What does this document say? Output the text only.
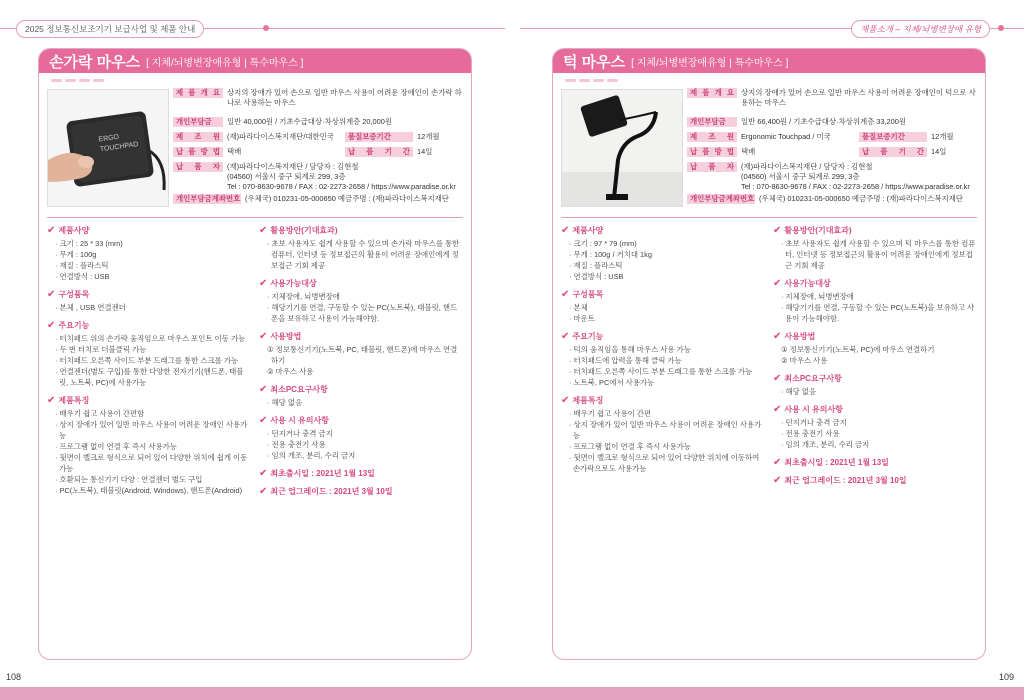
2025 정보통신보조기기 보급사업 및 제품 안내	제품소개 – 지체/뇌병변장애 유형
손가락 마우스 [ 지체/뇌병변장애유형 | 특수마우스 ]
ERGO
TOUCHPAD
제 품 개 요 상지의 장애가 있어 손으로 일반 마우스 사용이 어려운 장애인이 손가락 하나로 사용하는 마우스
개인부담금	일반 40,000원 / 기초수급대상·차상위계층 20,000원
제 조 원 (재)파라다이스복지재단/대한민국	품질보증기간	12개월
납 품 방 법 택배	납 품 기 간 14일
납 품 자 (재)파라다이스복지재단 / 담당자 : 김현철
(04560) 서울시 중구 퇴계로 299, 3층
Tel : 070-8630-9678 / FAX : 02-2273-2658 / https://www.paradise.or.kr
개인부담금계좌번호 (우체국) 010231-05-000650 예금주명 : (재)파라다이스복지재단
✔ 제품사양
· 크기 : 25 * 33 (mm)
· 무게 : 100g
· 재질 : 플라스틱
· 연결방식 : USB
✔ 구성품목
· 본체 , USB 연결젠더
✔ 주요기능
· 터치패드 위의 손가락 움직임으로 마우스 포인트 이동 가능
· 두 번 터치로 더블클릭 가능
· 터치패드 오른쪽 사이드 부분 드래그를 통한 스크롤 가능
· 연결젠더(별도 구입)를 통한 다양한 전자기기(핸드폰, 태블릿, 노트북, PC)에 사용가능
✔ 제품특징
· 배우기 쉽고 사용이 간편함
· 상지 장애가 있어 일반 마우스 사용이 어려운 장애인 사용가능
· 프로그램 없이 연결 후 즉시 사용가능
· 뒷면이 벨크로 형식으로 되어 있어 다양한 위치에 쉽게 이동가능
· 호환되는 통신기기 다양 : 연결젠더 별도 구입
· PC(노트북), 태블릿(Android, Windows), 핸드폰(Android)
✔ 활용방안(기대효과)
· 초보 사용자도 쉽게 사용할 수 있으며 손가락 마우스를 통한 컴퓨터, 인터넷 등 정보접근의 활용이 어려운 장애인에게 정보접근 기회 제공
✔ 사용가능대상
· 지체장애, 뇌병변장애
· 해당기기를 연결, 구동할 수 있는 PC(노트북), 태블릿, 핸드폰을 보유하고 사용이 가능해야함.
✔ 사용방법
① 정보통신기기(노트북, PC, 태블릿, 핸드폰)에 마우스 연결하기
② 마우스 사용
✔ 최소PC요구사항
· 해당 없음
✔ 사용 시 유의사항
· 던지거나 충격 금지
· 전용 충전기 사용
· 임의 개조, 분리, 수리 금지
✔ 최초출시일 : 2021년 1월 13일
✔ 최근 업그레이드 : 2021년 3월 10일
턱 마우스 [ 지체/뇌병변장애유형 | 특수마우스 ]
제 품 개 요 상지의 장애가 있어 손으로 일반 마우스 사용이 어려운 장애인이 턱으로 사용하는 마우스
개인부담금	일반 66,400원 / 기초수급대상·차상위계층 33,200원
제 조 원 Ergonomic Touchpad / 미국	품질보증기간	12개월
납 품 방 법 택배	납 품 기 간 14일
납 품 자 (재)파라다이스복지재단 / 담당자 : 김현철
(04560) 서울시 중구 퇴계로 299, 3층
Tel : 070-8630-9678 / FAX : 02-2273-2658 / https://www.paradise.or.kr
개인부담금계좌번호 (우체국) 010231-05-000650 예금주명 : (재)파라다이스복지재단
✔ 제품사양
· 크기 : 97 * 79 (mm)
· 무게 : 100g / 거치대 1kg
· 재질 : 플라스틱
· 연결방식 : USB
✔ 구성품목
· 본체
· 마운트
✔ 주요기능
· 턱의 움직임을 통해 마우스 사용 가능
· 터치패드에 압력을 통해 클릭 가능
· 터치패드 오른쪽 사이드 부분 드래그를 통한 스크롤 가능
· 노트북, PC에서 사용가능
✔ 제품특징
· 배우기 쉽고 사용이 간편
· 상지 장애가 있어 일반 마우스 사용이 어려운 장애인 사용가능
· 프로그램 없이 연결 후 즉시 사용가능
· 뒷면이 벨크로 형식으로 되어 있어 다양한 위치에 이동하여 손가락으로도 사용가능
✔ 활용방안(기대효과)
· 초보 사용자도 쉽게 사용할 수 있으며 턱 마우스를 통한 컴퓨터, 인터넷 등 정보접근의 활용이 어려운 장애인에게 정보접근 기회 제공
✔ 사용가능대상
· 지체장애, 뇌병변장애
· 해당기기를 연결, 구동할 수 있는 PC(노트북)을 보유하고 사용이 가능해야함.
✔ 사용방법
① 정보통신기기(노트북, PC)에 마우스 연결하기
② 마우스 사용
✔ 최소PC요구사항
· 해당 없음
✔ 사용 시 유의사항
· 던지거나 충격 금지
· 전용 충전기 사용
· 임의 개조, 분리, 수리 금지
✔ 최초출시일 : 2021년 1월 13일
✔ 최근 업그레이드 : 2021년 3월 10일
108	109
